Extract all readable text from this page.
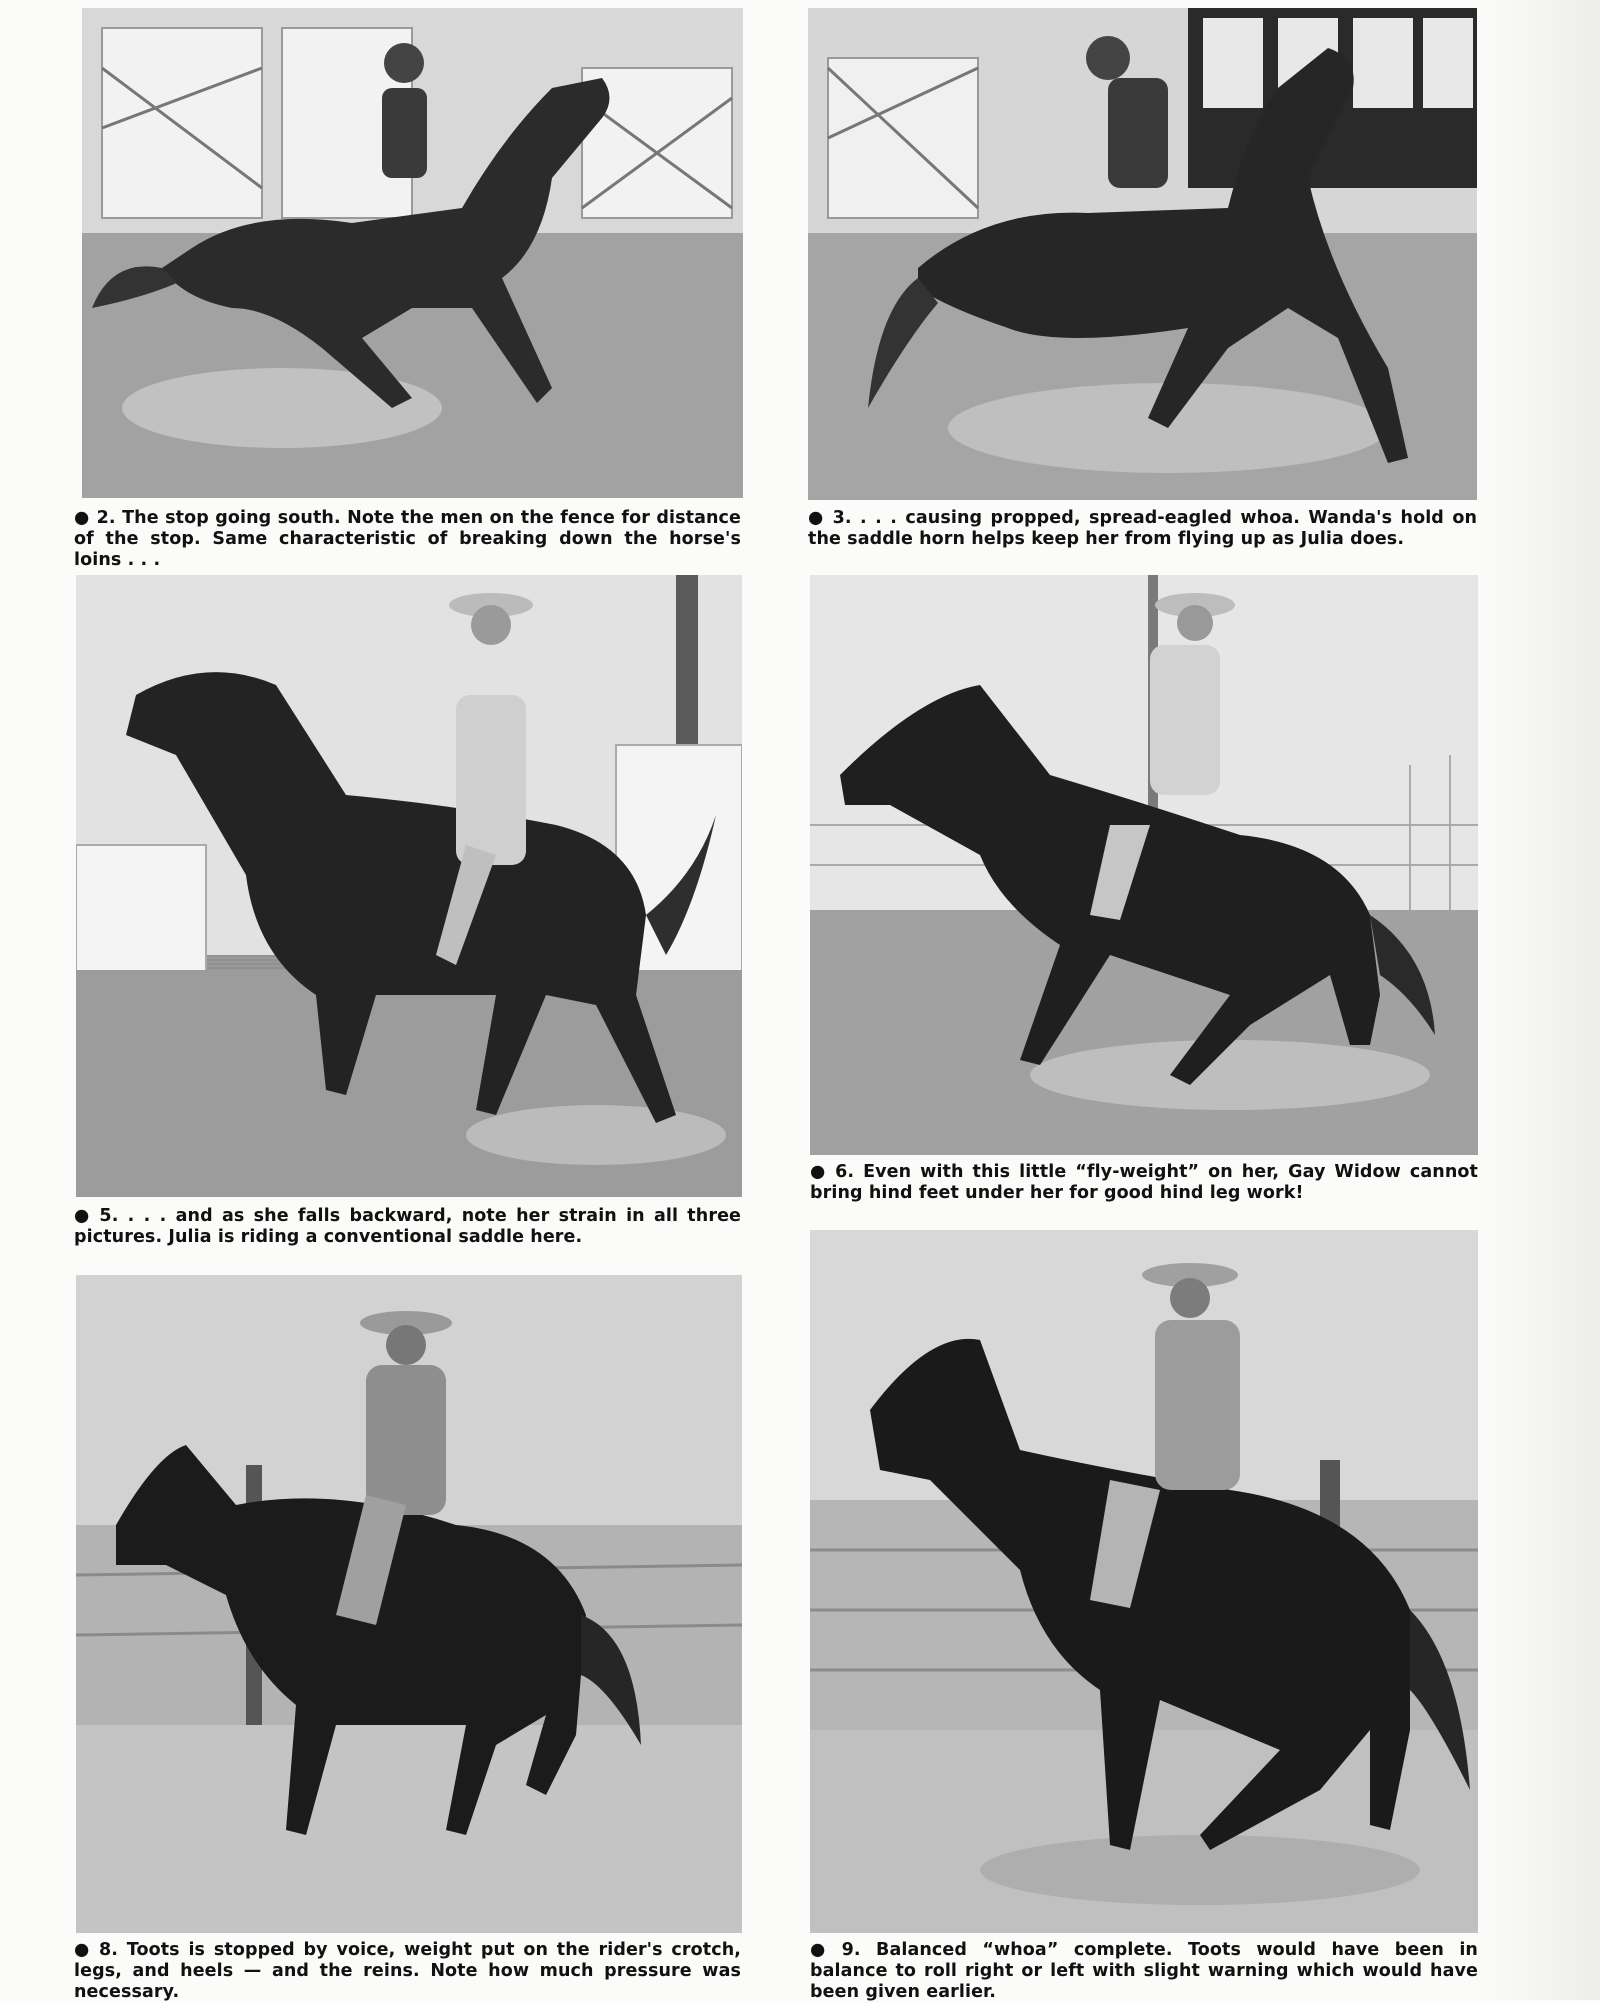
● 2. The stop going south. Note the men on the fence for distance of the stop. Same characteristic of breaking down the horse's loins . . .
● 3. . . . causing propped, spread-eagled whoa. Wanda's hold on the saddle horn helps keep her from flying up as Julia does.
● 5. . . . and as she falls backward, note her strain in all three pictures. Julia is riding a conventional saddle here.
● 6. Even with this little “fly-weight” on her, Gay Widow cannot bring hind feet under her for good hind leg work!
● 8. Toots is stopped by voice, weight put on the rider's crotch, legs, and heels — and the reins. Note how much pressure was necessary.
● 9. Balanced “whoa” complete. Toots would have been in balance to roll right or left with slight warning which would have been given earlier.
